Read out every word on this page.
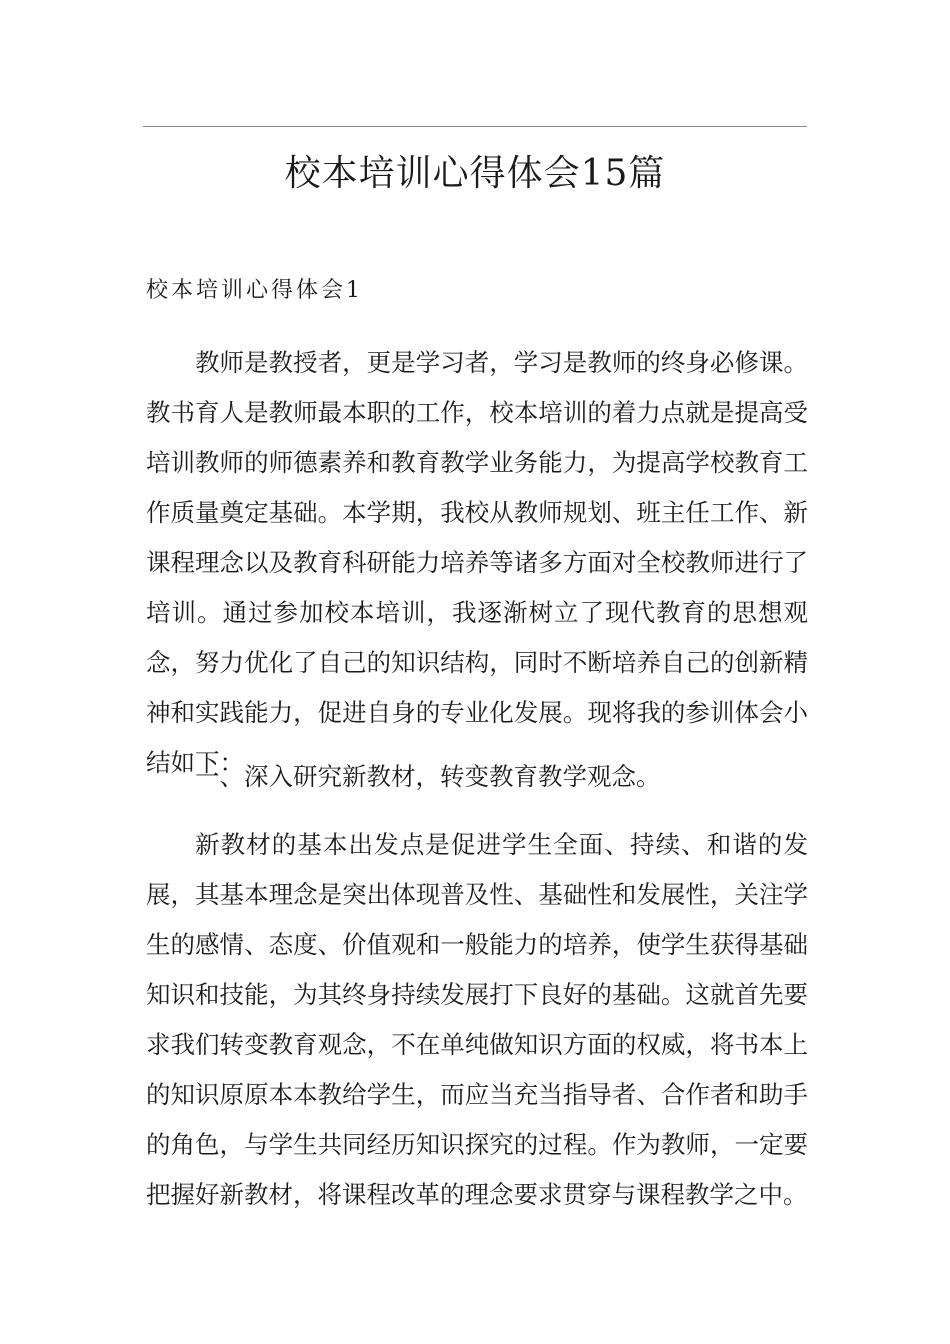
校本培训心得体会15篇
校本培训心得体会1

教师是教授者，更是学习者，学习是教师的终身必修课。教书育人是教师最本职的工作，校本培训的着力点就是提高受培训教师的师德素养和教育教学业务能力，为提高学校教育工作质量奠定基础。本学期，我校从教师规划、班主任工作、新课程理念以及教育科研能力培养等诸多方面对全校教师进行了培训。通过参加校本培训，我逐渐树立了现代教育的思想观念，努力优化了自己的知识结构，同时不断培养自己的创新精神和实践能力，促进自身的专业化发展。现将我的参训体会小结如下：

一、深入研究新教材，转变教育教学观念。

新教材的基本出发点是促进学生全面、持续、和谐的发展，其基本理念是突出体现普及性、基础性和发展性，关注学生的感情、态度、价值观和一般能力的培养，使学生获得基础知识和技能，为其终身持续发展打下良好的基础。这就首先要求我们转变教育观念，不在单纯做知识方面的权威，将书本上的知识原原本本教给学生，而应当充当指导者、合作者和助手的角色，与学生共同经历知识探究的过程。作为教师，一定要把握好新教材，将课程改革的理念要求贯穿与课程教学之中。
